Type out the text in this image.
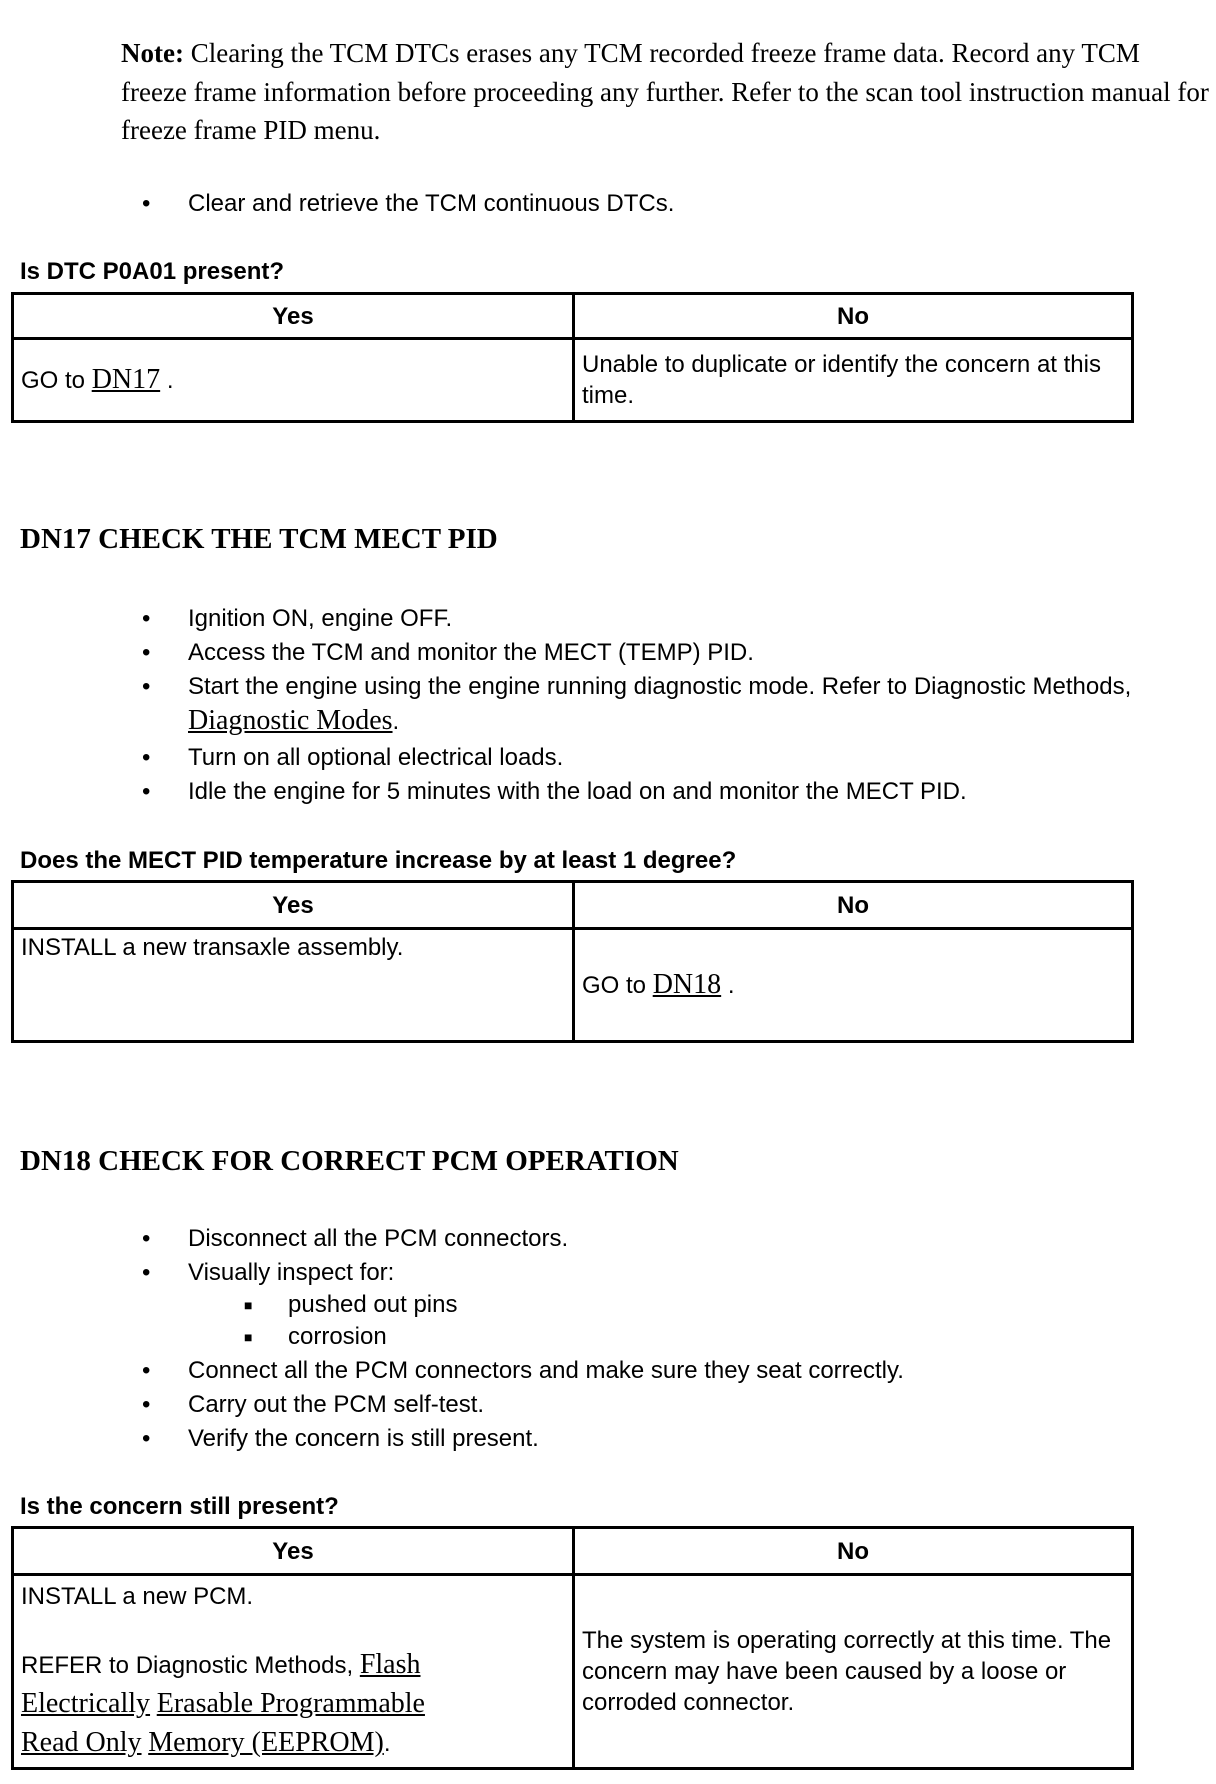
Note: Clearing the TCM DTCs erases any TCM recorded freeze frame data. Record any TCM freeze frame information before proceeding any further. Refer to the scan tool instruction manual for freeze frame PID menu.
• Clear and retrieve the TCM continuous DTCs.
Is DTC P0A01 present?
Yes	No
GO to DN17 .	Unable to duplicate or identify the concern at this time.
DN17 CHECK THE TCM MECT PID
• Ignition ON, engine OFF.
• Access the TCM and monitor the MECT (TEMP) PID.
• Start the engine using the engine running diagnostic mode. Refer to Diagnostic Methods, Diagnostic Modes.
• Turn on all optional electrical loads.
• Idle the engine for 5 minutes with the load on and monitor the MECT PID.
Does the MECT PID temperature increase by at least 1 degree?
Yes	No
INSTALL a new transaxle assembly.	GO to DN18 .
DN18 CHECK FOR CORRECT PCM OPERATION
• Disconnect all the PCM connectors.
• Visually inspect for:
■ pushed out pins
■ corrosion
• Connect all the PCM connectors and make sure they seat correctly.
• Carry out the PCM self-test.
• Verify the concern is still present.
Is the concern still present?
Yes	No

INSTALL a new PCM.
REFER to Diagnostic Methods, Flash
Electrically Erasable Programmable
Read Only Memory (EEPROM).	The system is operating correctly at this time. The concern may have been caused by a loose or corroded connector.
